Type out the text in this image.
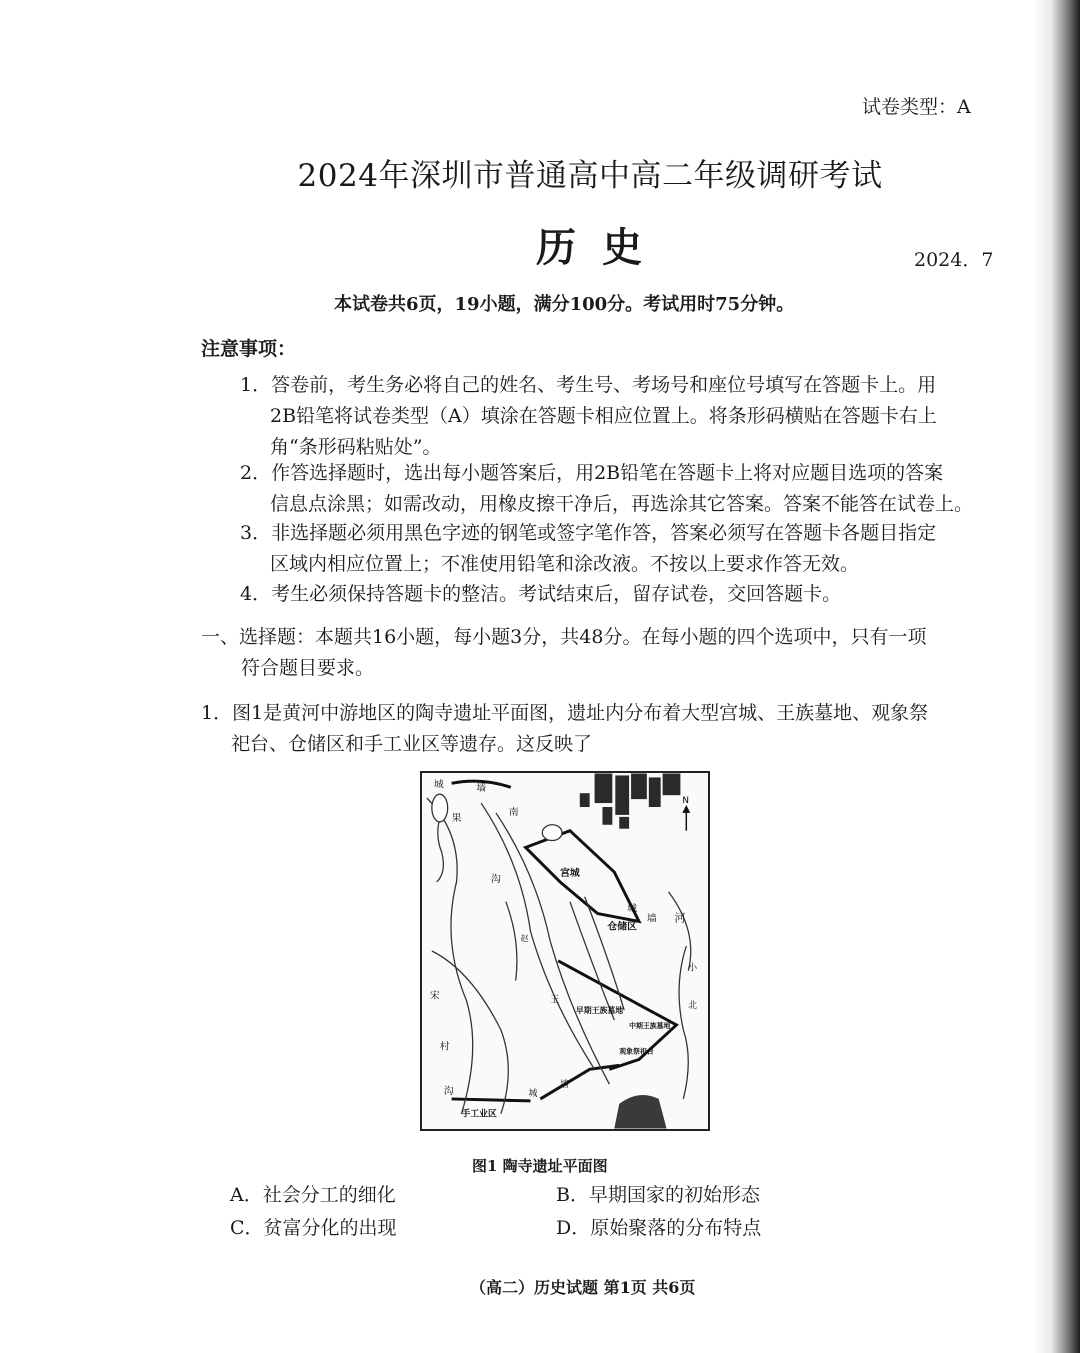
试卷类型：A
2024年深圳市普通高中高二年级调研考试
历史	2024．7
本试卷共6页，19小题，满分100分。考试用时75分钟。
注意事项：
1．答卷前，考生务必将自己的姓名、考生号、考场号和座位号填写在答题卡上。用
2B铅笔将试卷类型（A）填涂在答题卡相应位置上。将条形码横贴在答题卡右上
角“条形码粘贴处”。
2．作答选择题时，选出每小题答案后，用2B铅笔在答题卡上将对应题目选项的答案
信息点涂黑；如需改动，用橡皮擦干净后，再选涂其它答案。答案不能答在试卷上。
3．非选择题必须用黑色字迹的钢笔或签字笔作答，答案必须写在答题卡各题目指定
区域内相应位置上；不准使用铅笔和涂改液。不按以上要求作答无效。
4．考生必须保持答题卡的整洁。考试结束后，留存试卷，交回答题卡。
一、选择题：本题共16小题，每小题3分，共48分。在每小题的四个选项中，只有一项
符合题目要求。
1．图1是黄河中游地区的陶寺遗址平面图，遗址内分布着大型宫城、王族墓地、观象祭
祀台、仓储区和手工业区等遗存。这反映了
N
城	墙
南
果
沟
宫城
城
墙 河
仓储区
赵
王
小
北
早期王族墓地
中期王族墓地
观象祭祀台
宋
村
沟
手工业区
城
墙
图1 陶寺遗址平面图
A．社会分工的细化	B．早期国家的初始形态
C．贫富分化的出现	D．原始聚落的分布特点
（高二）历史试题 第1页 共6页
